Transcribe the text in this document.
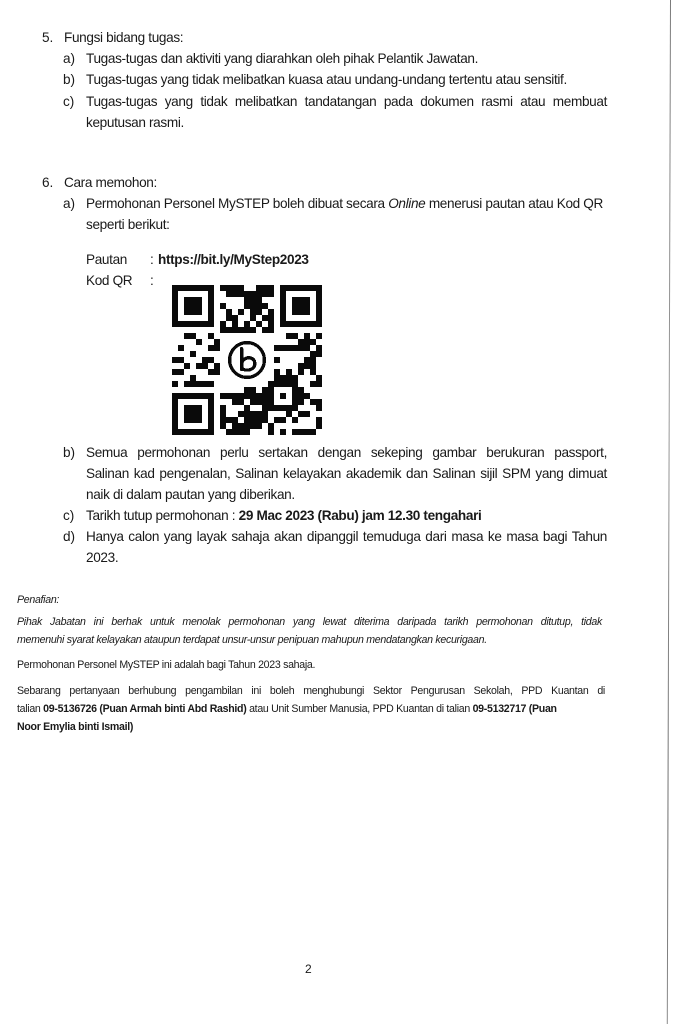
5. Fungsi bidang tugas:
a) Tugas-tugas dan aktiviti yang diarahkan oleh pihak Pelantik Jawatan.
b) Tugas-tugas yang tidak melibatkan kuasa atau undang-undang tertentu atau sensitif.
c) Tugas-tugas yang tidak melibatkan tandatangan pada dokumen rasmi atau membuat
keputusan rasmi.
6. Cara memohon:
a) Permohonan Personel MySTEP boleh dibuat secara Online menerusi pautan atau Kod QR
seperti berikut:
Pautan : https://bit.ly/MyStep2023
Kod QR :
b) Semua permohonan perlu sertakan dengan sekeping gambar berukuran passport,
Salinan kad pengenalan, Salinan kelayakan akademik dan Salinan sijil SPM yang dimuat
naik di dalam pautan yang diberikan.
c) Tarikh tutup permohonan : 29 Mac 2023 (Rabu) jam 12.30 tengahari
d) Hanya calon yang layak sahaja akan dipanggil temuduga dari masa ke masa bagi Tahun
2023.
Penafian:
Pihak Jabatan ini berhak untuk menolak permohonan yang lewat diterima daripada tarikh permohonan ditutup, tidak
memenuhi syarat kelayakan ataupun terdapat unsur-unsur penipuan mahupun mendatangkan kecurigaan.
Permohonan Personel MySTEP ini adalah bagi Tahun 2023 sahaja.
Sebarang pertanyaan berhubung pengambilan ini boleh menghubungi Sektor Pengurusan Sekolah, PPD Kuantan di
talian 09-5136726 (Puan Armah binti Abd Rashid) atau Unit Sumber Manusia, PPD Kuantan di talian 09-5132717 (Puan
Noor Emylia binti Ismail)
2
